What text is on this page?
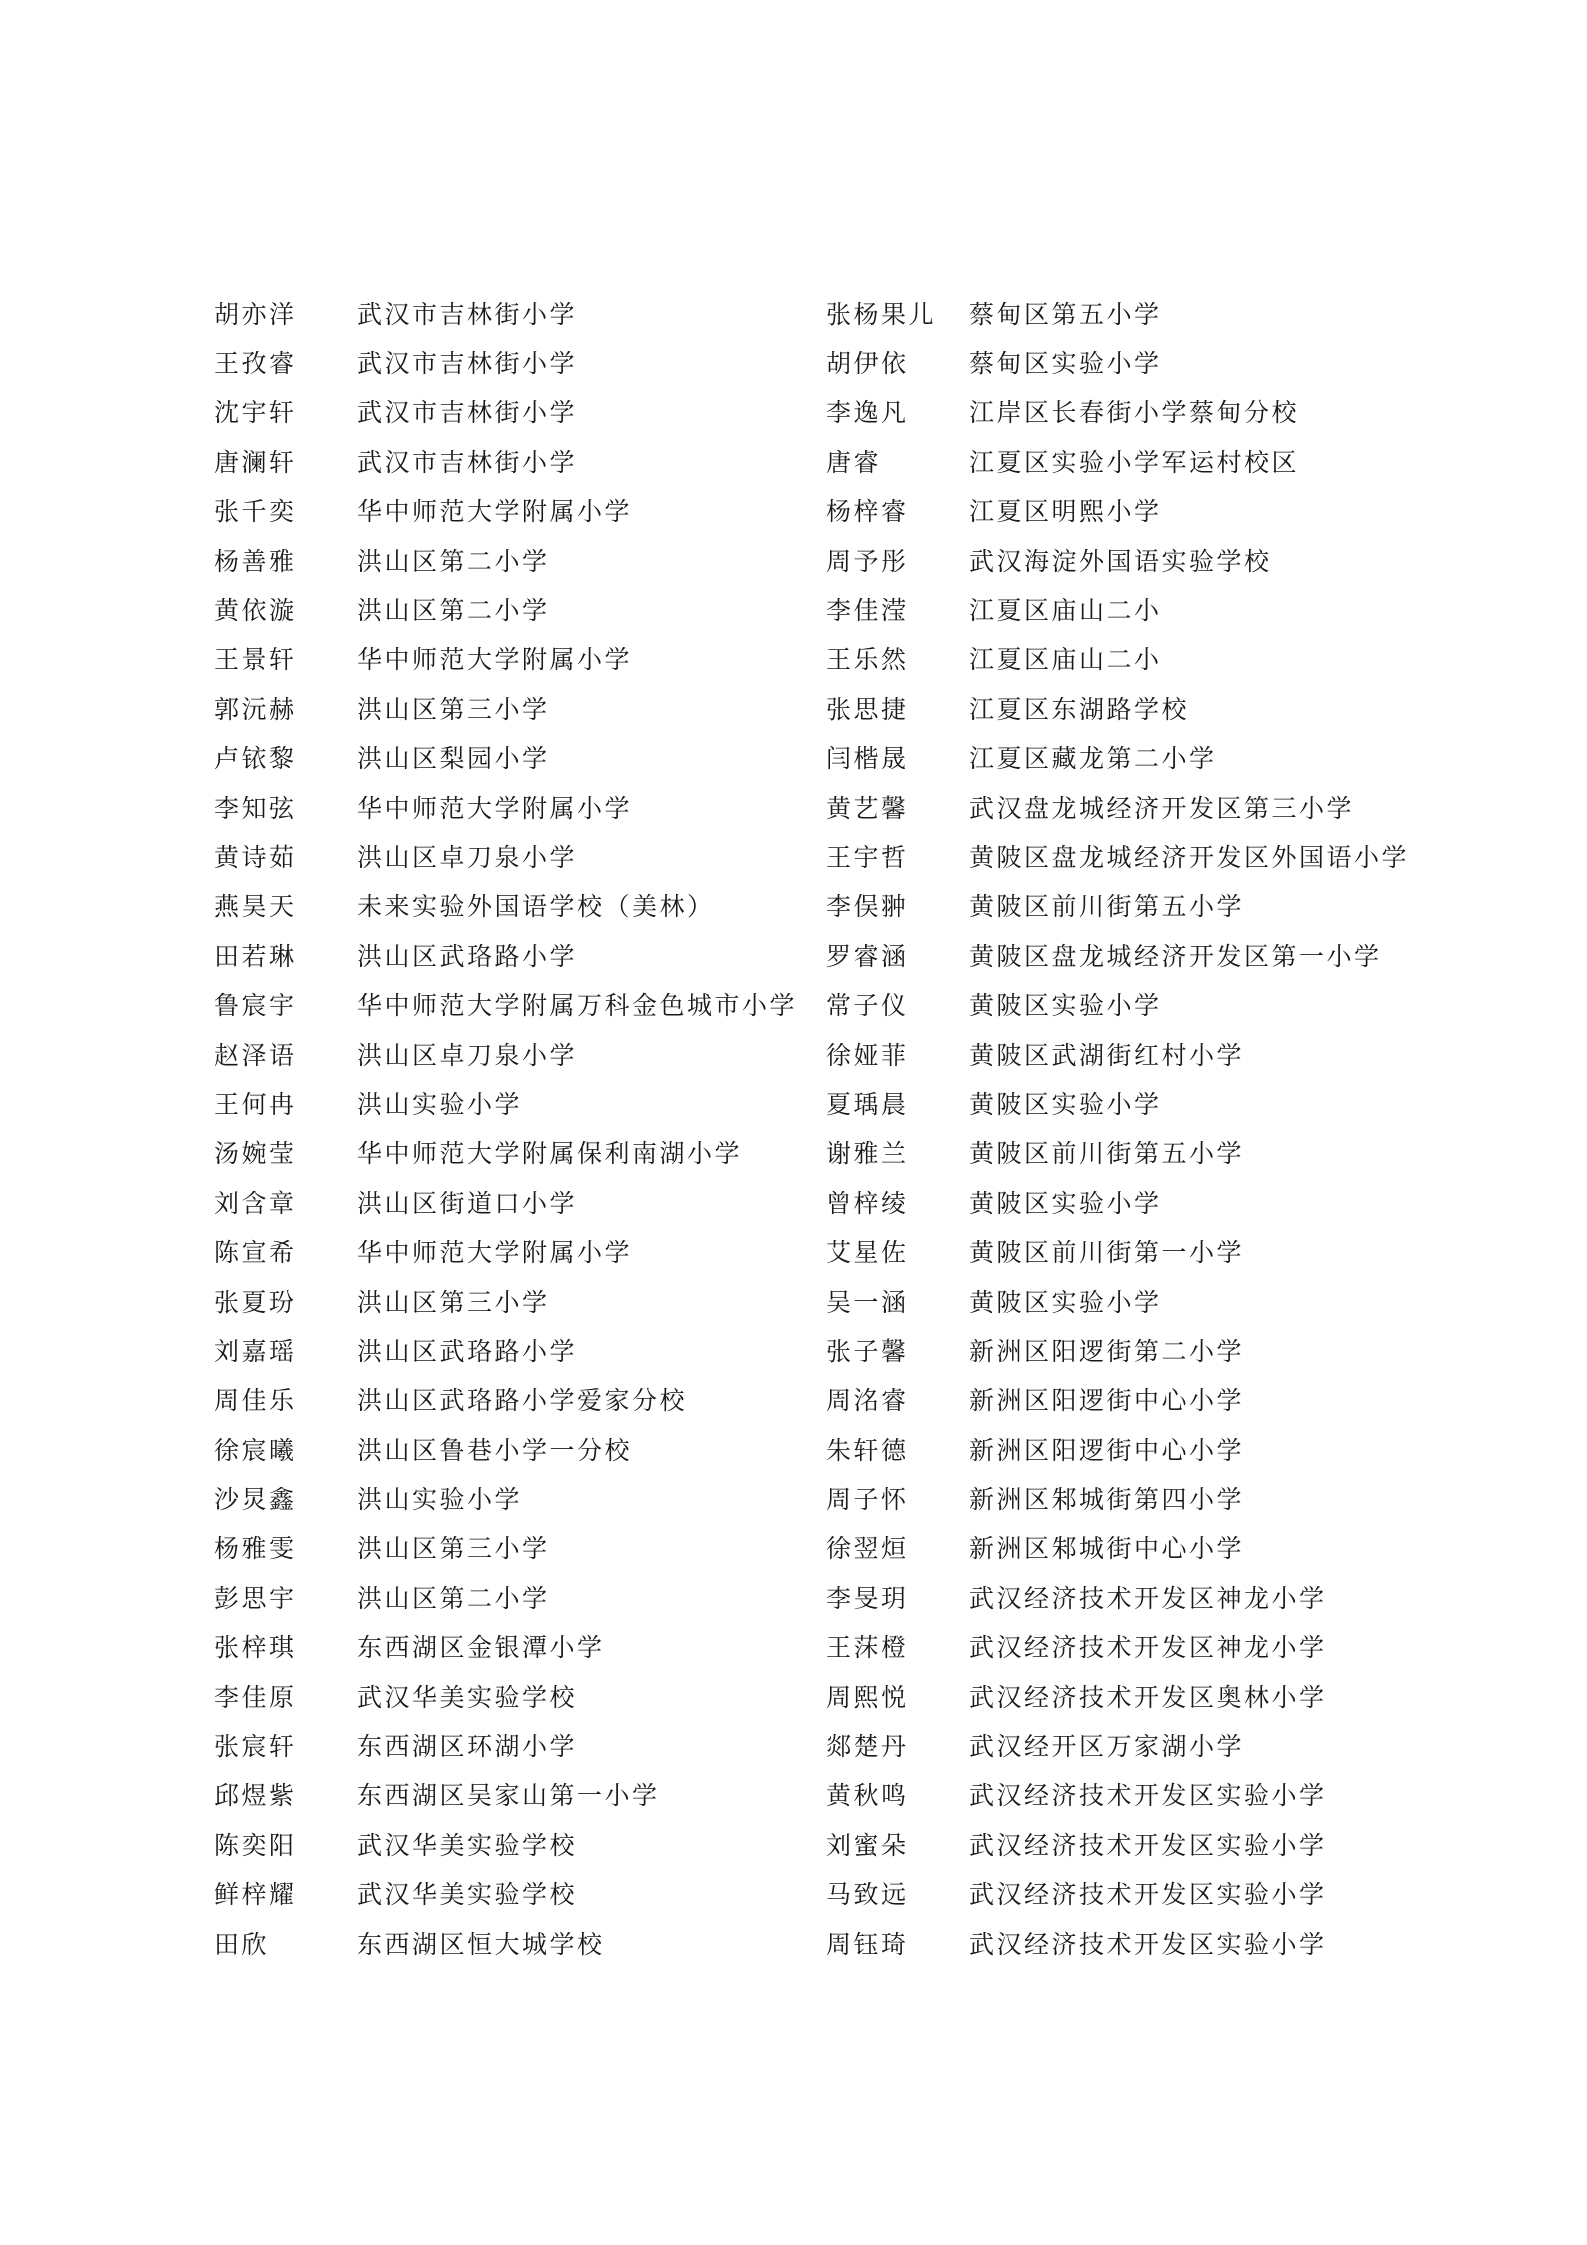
胡亦洋	武汉市吉林街小学
王孜睿	武汉市吉林街小学
沈宇轩	武汉市吉林街小学
唐澜轩	武汉市吉林街小学
张千奕	华中师范大学附属小学
杨善雅	洪山区第二小学
黄依漩	洪山区第二小学
王景轩	华中师范大学附属小学
郭沅赫	洪山区第三小学
卢铱黎	洪山区梨园小学
李知弦	华中师范大学附属小学
黄诗茹	洪山区卓刀泉小学
燕昊天	未来实验外国语学校（美林）
田若琳	洪山区武珞路小学
鲁宸宇	华中师范大学附属万科金色城市小学
赵泽语	洪山区卓刀泉小学
王何冉	洪山实验小学
汤婉莹	华中师范大学附属保利南湖小学
刘含章	洪山区街道口小学
陈宣希	华中师范大学附属小学
张夏玢	洪山区第三小学
刘嘉瑶	洪山区武珞路小学
周佳乐	洪山区武珞路小学爱家分校
徐宸曦	洪山区鲁巷小学一分校
沙炅鑫	洪山实验小学
杨雅雯	洪山区第三小学
彭思宇	洪山区第二小学
张梓琪	东西湖区金银潭小学
李佳原	武汉华美实验学校
张宸轩	东西湖区环湖小学
邱煜紫	东西湖区吴家山第一小学
陈奕阳	武汉华美实验学校
鲜梓耀	武汉华美实验学校
田欣	东西湖区恒大城学校
张杨果儿	蔡甸区第五小学
胡伊依	蔡甸区实验小学
李逸凡	江岸区长春街小学蔡甸分校
唐睿	江夏区实验小学军运村校区
杨梓睿	江夏区明熙小学
周予彤	武汉海淀外国语实验学校
李佳滢	江夏区庙山二小
王乐然	江夏区庙山二小
张思捷	江夏区东湖路学校
闫楷晟	江夏区藏龙第二小学
黄艺馨	武汉盘龙城经济开发区第三小学
王宇哲	黄陂区盘龙城经济开发区外国语小学
李俣翀	黄陂区前川街第五小学
罗睿涵	黄陂区盘龙城经济开发区第一小学
常子仪	黄陂区实验小学
徐娅菲	黄陂区武湖街红村小学
夏瑀晨	黄陂区实验小学
谢雅兰	黄陂区前川街第五小学
曾梓绫	黄陂区实验小学
艾星佐	黄陂区前川街第一小学
吴一涵	黄陂区实验小学
张子馨	新洲区阳逻街第二小学
周洺睿	新洲区阳逻街中心小学
朱轩德	新洲区阳逻街中心小学
周子怀	新洲区邾城街第四小学
徐翌烜	新洲区邾城街中心小学
李旻玥	武汉经济技术开发区神龙小学
王莯橙	武汉经济技术开发区神龙小学
周熙悦	武汉经济技术开发区奥林小学
郯楚丹	武汉经开区万家湖小学
黄秋鸣	武汉经济技术开发区实验小学
刘蜜朵	武汉经济技术开发区实验小学
马致远	武汉经济技术开发区实验小学
周钰琦	武汉经济技术开发区实验小学
